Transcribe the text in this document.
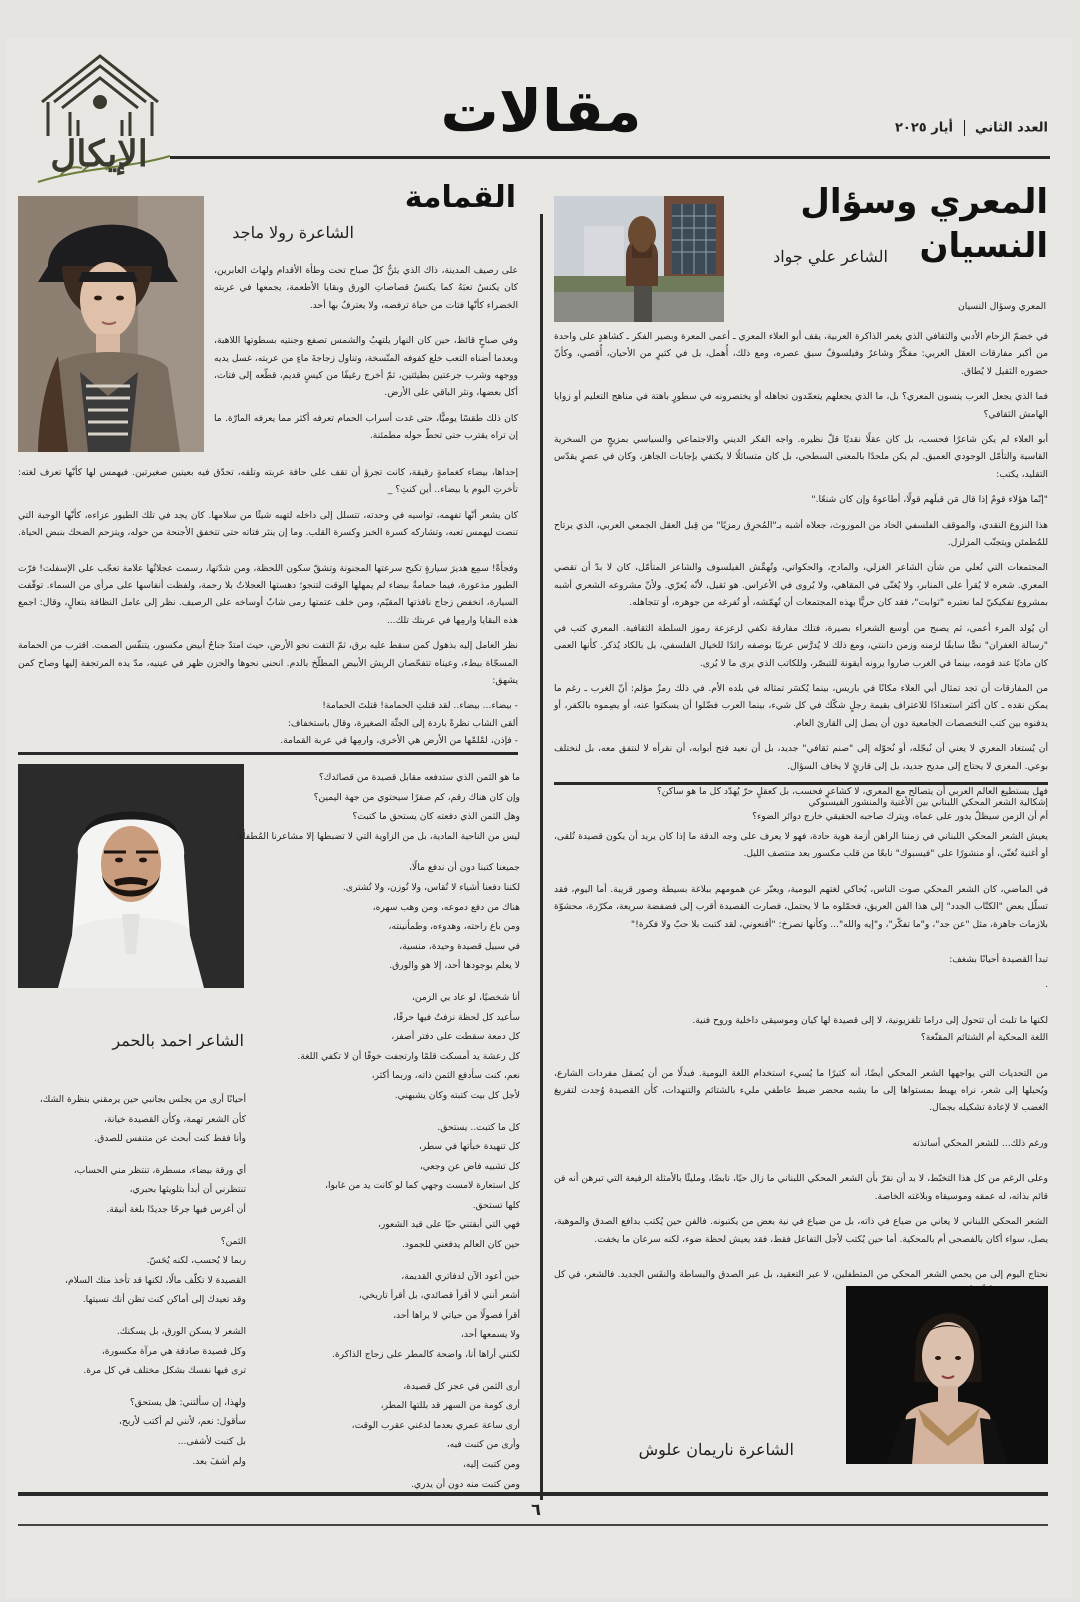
الإيكال
مقالات	العدد الثاني  أيار ٢٠٢٥
المعري وسؤال
النسيان
الشاعر علي جواد
المعري وسؤال النسيان

في خضمّ الزحام الأدبي والثقافي الذي يغمر الذاكرة العربية، يقف أبو العلاء المعري ـ أعمى المعرة وبصير الفكر ـ كشاهدٍ على واحدة من أكبر مفارقات العقل العربي: مفكّرٌ وشاعرٌ وفيلسوفٌ سبق عصره، ومع ذلك، أُهمل، بل في كثيرٍ من الأحيان، أُقصي، وكأنّ حضوره الثقيل لا يُطاق.

فما الذي يجعل العرب ينسون المعري؟ بل، ما الذي يجعلهم يتعمّدون تجاهله أو يختصرونه في سطورٍ باهتة في مناهج التعليم أو زوايا الهامش الثقافي؟

أبو العلاء لم يكن شاعرًا فحسب، بل كان عقلًا نقديًا قلّ نظيره. واجه الفكر الديني والاجتماعي والسياسي بمزيجٍ من السخرية القاسية والتأمّل الوجودي العميق. لم يكن ملحدًا بالمعنى السطحي، بل كان متسائلًا لا يكتفي بإجابات الجاهز، وكان في عصرٍ يقدّس التقليد، يكتب:

"إنّما هؤلاء قومٌ إذا قال مَن قبلَهم قولًا، أطاعوهُ وإن كان شنعًا."

هذا النزوع النقدي، والموقف الفلسفي الحاد من الموروث، جعلاه أشبه بـ"المُحرِق رمزيًا" من قِبل العقل الجمعي العربي، الذي يرتاح للمُطمئن ويتجنّب المزلزل.

المجتمعات التي تُعلي من شأن الشاعر الغزلي، والمادح، والحكواتي، وتُهمِّش الفيلسوف والشاعر المتأمّل، كان لا بدّ أن تقصي المعري. شعره لا يُقرأ على المنابر، ولا يُغنّى في المقاهي، ولا يُروى في الأعراس. هو ثقيل، لأنّه يُعرّي. ولأنّ مشروعه الشعري أشبه بمشروع تفكيكيّ لما نعتبره "ثوابت"، فقد كان حريًّا بهذه المجتمعات أن تُهمّشه، أو تُفرغه من جوهره، أو تتجاهله.

أن يُولد المرء أعمى، ثم يصبح من أوسع الشعراء بصيرة، فتلك مفارقة تكفي لزعزعة رموز السلطة الثقافية. المعري كتب في "رسالة الغفران" نصًّا سابقًا لزمنه وزمن داننتي، ومع ذلك لا يُدرَّس عربيًا بوصفه رائدًا للخيال الفلسفي، بل بالكاد يُذكر. كأنها العمى كان ماديًا عند قومه، بينما في الغرب صاروا يرونه أيقونة للتبصّر، وللكاتب الذي يرى ما لا يُرى.

من المفارقات أن تجد تمثال أبي العلاء مكانًا في باريس، بينما يُكسَر تمثاله في بلده الأم. في ذلك رمزٌ مؤلم: أنّ الغرب ـ رغم ما يمكن نقده ـ كان أكثر استعدادًا للاعتراف بقيمة رجلٍ شكّك في كل شيء، بينما العرب فضّلوا أن يسكتوا عنه، أو يصِموه بالكفر، أو يدفنوه بين كتب التخصصات الجامعية دون أن يصل إلى القارئ العام.

أن يُستعاد المعري لا يعني أن نُبجّله، أو نُحوّله إلى "صنم ثقافي" جديد، بل أن نعيد فتح أبوابه، أن نقرأه لا لنتفق معه، بل لنختلف بوعي. المعري لا يحتاج إلى مديح جديد، بل إلى قارئٍ لا يخاف السؤال.

فهل يستطيع العالم العربي أن يتصالح مع المعري، لا كشاعرٍ فحسب، بل كعقلٍ حرّ يُهدّد كل ما هو ساكن؟

أم أن الزمن سيظلّ يدور على عماه، ويترك صاحبه الحقيقي خارج دوائر الضوء؟

إشكالية الشعر المحكي اللبناني بين الأغنية والمنشور الفيسبوكي

يعيش الشعر المحكي اللبناني في زمننا الراهن أزمة هوية حادة، فهو لا يعرف على وجه الدقة ما إذا كان يريد أن يكون قصيدة تُلقى، أو أغنية تُغنّى، أو منشورًا على "فيسبوك" نابعًا من قلب مكسور بعد منتصف الليل.

في الماضي، كان الشعر المحكي صوت الناس، يُحاكي لغتهم اليومية، ويعبّر عن همومهم ببلاغة بسيطة وصور قريبة. أما اليوم، فقد تسلّل بعض "الكتّاب الجدد" إلى هذا الفن العريق، فحمّلوه ما لا يحتمل، فصارت القصيدة أقرب إلى فضفضة سريعة، مكرّرة، محشوّة بلازمات جاهزة، مثل "عن جد"، و"ما تفكّر"، و"إيه والله"... وكأنها تصرخ: "أقنعوني، لقد كتبت بلا حبّ ولا فكرة!"

تبدأ القصيدة أحيانًا بشغف:

.

لكنها ما تلبث أن تتحول إلى دراما تلفزيونية، لا إلى قصيدة لها كيان وموسيقى داخلية وروح فنية.

اللغة المحكية أم الشتائم المقنّعة؟

من التحديات التي يواجهها الشعر المحكي أيضًا، أنه كثيرًا ما يُسيء استخدام اللغة اليومية. فبدلًا من أن يُصقل مفردات الشارع، ويُحيلها إلى شعر، نراه يهبط بمستواها إلى ما يشبه محضر ضبط عاطفي مليء بالشتائم والتنهدات، كأن القصيدة وُجدت لتفريغ الغضب لا لإعادة تشكيله بجمال.

ورغم ذلك... للشعر المحكي أساتذته

وعلى الرغم من كل هذا التخبّط، لا بد أن نقرّ بأن الشعر المحكي اللبناني ما زال حيًا، نابضًا، ومليئًا بالأمثلة الرفيعة التي تبرهن أنه فن قائم بذاته، له عمقه وموسيقاه وبلاغته الخاصة.

الشعر المحكي اللبناني لا يعاني من ضياع في ذاته، بل من ضياع في نية بعض من يكتبونه. فالفن حين يُكتب بدافع الصدق والموهبة، يصل، سواء أكان بالفصحى أم بالمحكية. أما حين يُكتب لأجل التفاعل فقط، فقد يعيش لحظة ضوء، لكنه سرعان ما يخفت.

نحتاج اليوم إلى من يحمي الشعر المحكي من المتطفلين، لا عبر التعقيد، بل عبر الصدق والبساطة والنفَس الجديد. فالشعر، في كل

الشاعرة ناريمان علوش
القمامة
الشاعرة رولا ماجد

على رصيف المدينة، ذاك الذي يئنُّ كلّ صباح تحت وطأة الأقدام ولهاث العابرين، كان يكنسُ تعبَهُ كما يكنسُ قصاصاتِ الورق وبقايا الأطعمة، يجمعها في عربته الخضراء كأنّها فتات من حياة ترفضه، ولا يعترفُ بها أحد.

وفي صباحٍ قائظ، حين كان النهار يلتهبُ والشمس تصفع وجنتيه بسطوتها اللاهبة، وبعدما أضناه التعب خلع كفوفه المتّسخة، وتناول زجاجةَ ماءٍ من عربته، غسل يديه ووجهه وشرب جرعتين بطيئتين، ثمّ أخرج رغيفًا من كيسٍ قديم، قطّعه إلى فتات، أكل بعضها، ونثر الباقي على الأرض.

كان ذلك طقسًا يوميًّا، حتى غدت أسراب الحمام تعرفه أكثر مما يعرفه المارّة. ما إن تراه يقترب حتى تحطّ حوله مطمئنة.

إحداها، بيضاء كغمامةٍ رقيقة، كانت تجرؤ أن تقف على حافة عربته وتلقه، تحدّق فيه بعينين صغيرتين. فيهمس لها كأنّها تعرف لغته: تأخرتِ اليوم يا بيضاء.. أين كنتِ؟ _

كان يشعر أنّها تفهمه، تواسيه في وحدته، تتسلل إلى داخله لتهبه شيئًا من سلامها. كان يجد في تلك الطيور عزاءه، كأنّها الوجبة التي تنصت ليهمس تعبه، وتشاركه كسرة الخبز وكسرة القلب. وما إن ينثر فتاته حتى تتخفق الأجنحة من حوله، ويتزحم الضحك بنبض الحياة.

وفجأةً! سمِع هديرَ سيارةٍ تكبح سرعتها المجنونة وتشقّ سكون اللحظة، ومن شدّتها، رسمت عجلاتُها علامة تعجّب على الإسفلت! فرّت الطيور مذعورة، فيما حمامةٌ بيضاء لم يمهلها الوقت لتنجو؛ دهستها العجلاتُ بلا رحمة، ولفظت أنفاسها على مرأى من السماء. توقّفت السيارة، انخفض زجاج نافذتها المقيّم، ومن خلف عتمتها رمى شابٌ أوساخه على الرصيف. نظر إلى عامل النظافة بتعالٍ، وقال: اجمع هذه البقايا وارمِها في عربتك تلك...

نظر العامل إليه بذهول كمن سقط عليه برق، ثمّ التفت نحو الأرض، حيث امتدّ جناحٌ أبيض مكسور، يتنفّس الصمت. اقترب من الحمامة المسجّاة بيطء، وعيناه تتفحّصان الريش الأبيض المطلّخ بالدم. انحنى نحوها والحزن ظهر في عينيه، مدّ يده المرتجفة إليها وصاح كمن يشهق:

- بيضاء... بيضاء.. لقد قتلتِ الحمامة! قتلتَ الحمامة!

ألقى الشاب نظرةً باردة إلى الجثّة الصغيرة، وقال باستخفاف:

- فإذن، لمْلمْها من الأرض هي الأخرى، وارمِها في عربة القمامة.

الشاعر احمد بالحمر
ما هو الثمن الذي ستدفعه مقابل قصيدة من قصائدك؟
وإن كان هناك رقم، كم صفرًا سيحتوي من جهة اليمين؟
وهل الثمن الذي دفعته كان يستحق ما كتبت؟
ليس من الناحية المادية، بل من الزاوية التي لا تضبطها إلا مشاعرنا المُطفأة.
جميعنا كتبنا دون أن ندفع مالًا،
لكننا دفعنا أشياء لا تُقاس، ولا تُوزن، ولا تُشترى.
هناك من دفع دموعه، ومن وهب سهره،
ومن باع راحته، وهدوءه، وطمأنينته،
في سبيل قصيدة وحيدة، منسية،
لا يعلم بوجودها أحد، إلا هو والورق.
أنا شخصيًا، لو عاد بي الزمن،
سأعيد كل لحظة نزفتُ فيها حرفًا،
كل دمعة سقطت على دفتر أصفر،
كل رعشة يد أمسكت قلمًا وارتجفت خوفًا أن لا تكفي اللغة.
نعم، كنت سأدفع الثمن ذاته، وربما أكثر،
لأجل كل بيت كتبته وكان يشبهني.
كل ما كتبت.. يستحق.
كل تنهيدة خبأتها في سطر،
كل تشبيه فاض عن وجعي،
كل استعارة لامست وجهي كما لو كانت يد من غابوا،
كلها تستحق.
فهي التي أبقتني حيًا على قيد الشعور،
حين كان العالم يدفعني للجمود.
حين أعود الآن لدفاتري القديمة،
أشعر أنني لا أقرأ قصائدي، بل أقرأ تاريخي،
أقرأ فصولًا من حياتي لا يراها أحد،
ولا يسمعها أحد،
لكنني أراها أنا، واضحة كالمطر على زجاج الذاكرة.
أرى الثمن في عجز كل قصيدة،
أرى كومة من السهر قد بللتها المطر،
أرى ساعة عمري بعدما لدغني عقرب الوقت،
وأرى من كتبت فيه،
ومن كتبت إليه،
ومن كتبت منه دون أن يدري.
أحيانًا أرى من يجلس بجانبي حين يرمقني بنظرة الشك،
كأن الشعر تهمة، وكأن القصيدة خيانة،
وأنا فقط كنت أبحث عن متنفس للصدق.
أي ورقة بيضاء، مسطرة، تنتظر مني الحساب،
تنتظرني أن أبدأ بتلويثها بحبري،
أن أغرس فيها جرحًا جديدًا بلغة أنيقة.
الثمن؟
ربما لا يُحسب، لكنه يُحَسّ.
القصيدة لا تكلّف مالًا، لكنها قد تأخذ منك السلام،
وقد تعيدك إلى أماكن كنت تظن أنك نسيتها.
الشعر لا يسكن الورق، بل يسكنك.
وكل قصيدة صادقة هي مرآة مكسورة،
ترى فيها نفسك بشكل مختلف في كل مرة.
ولهذا، إن سألتني: هل يستحق؟
سأقول: نعم، لأنني لم أكتب لأربح،
بل كتبت لأشفى...
ولم أشفَ بعد.
٦
